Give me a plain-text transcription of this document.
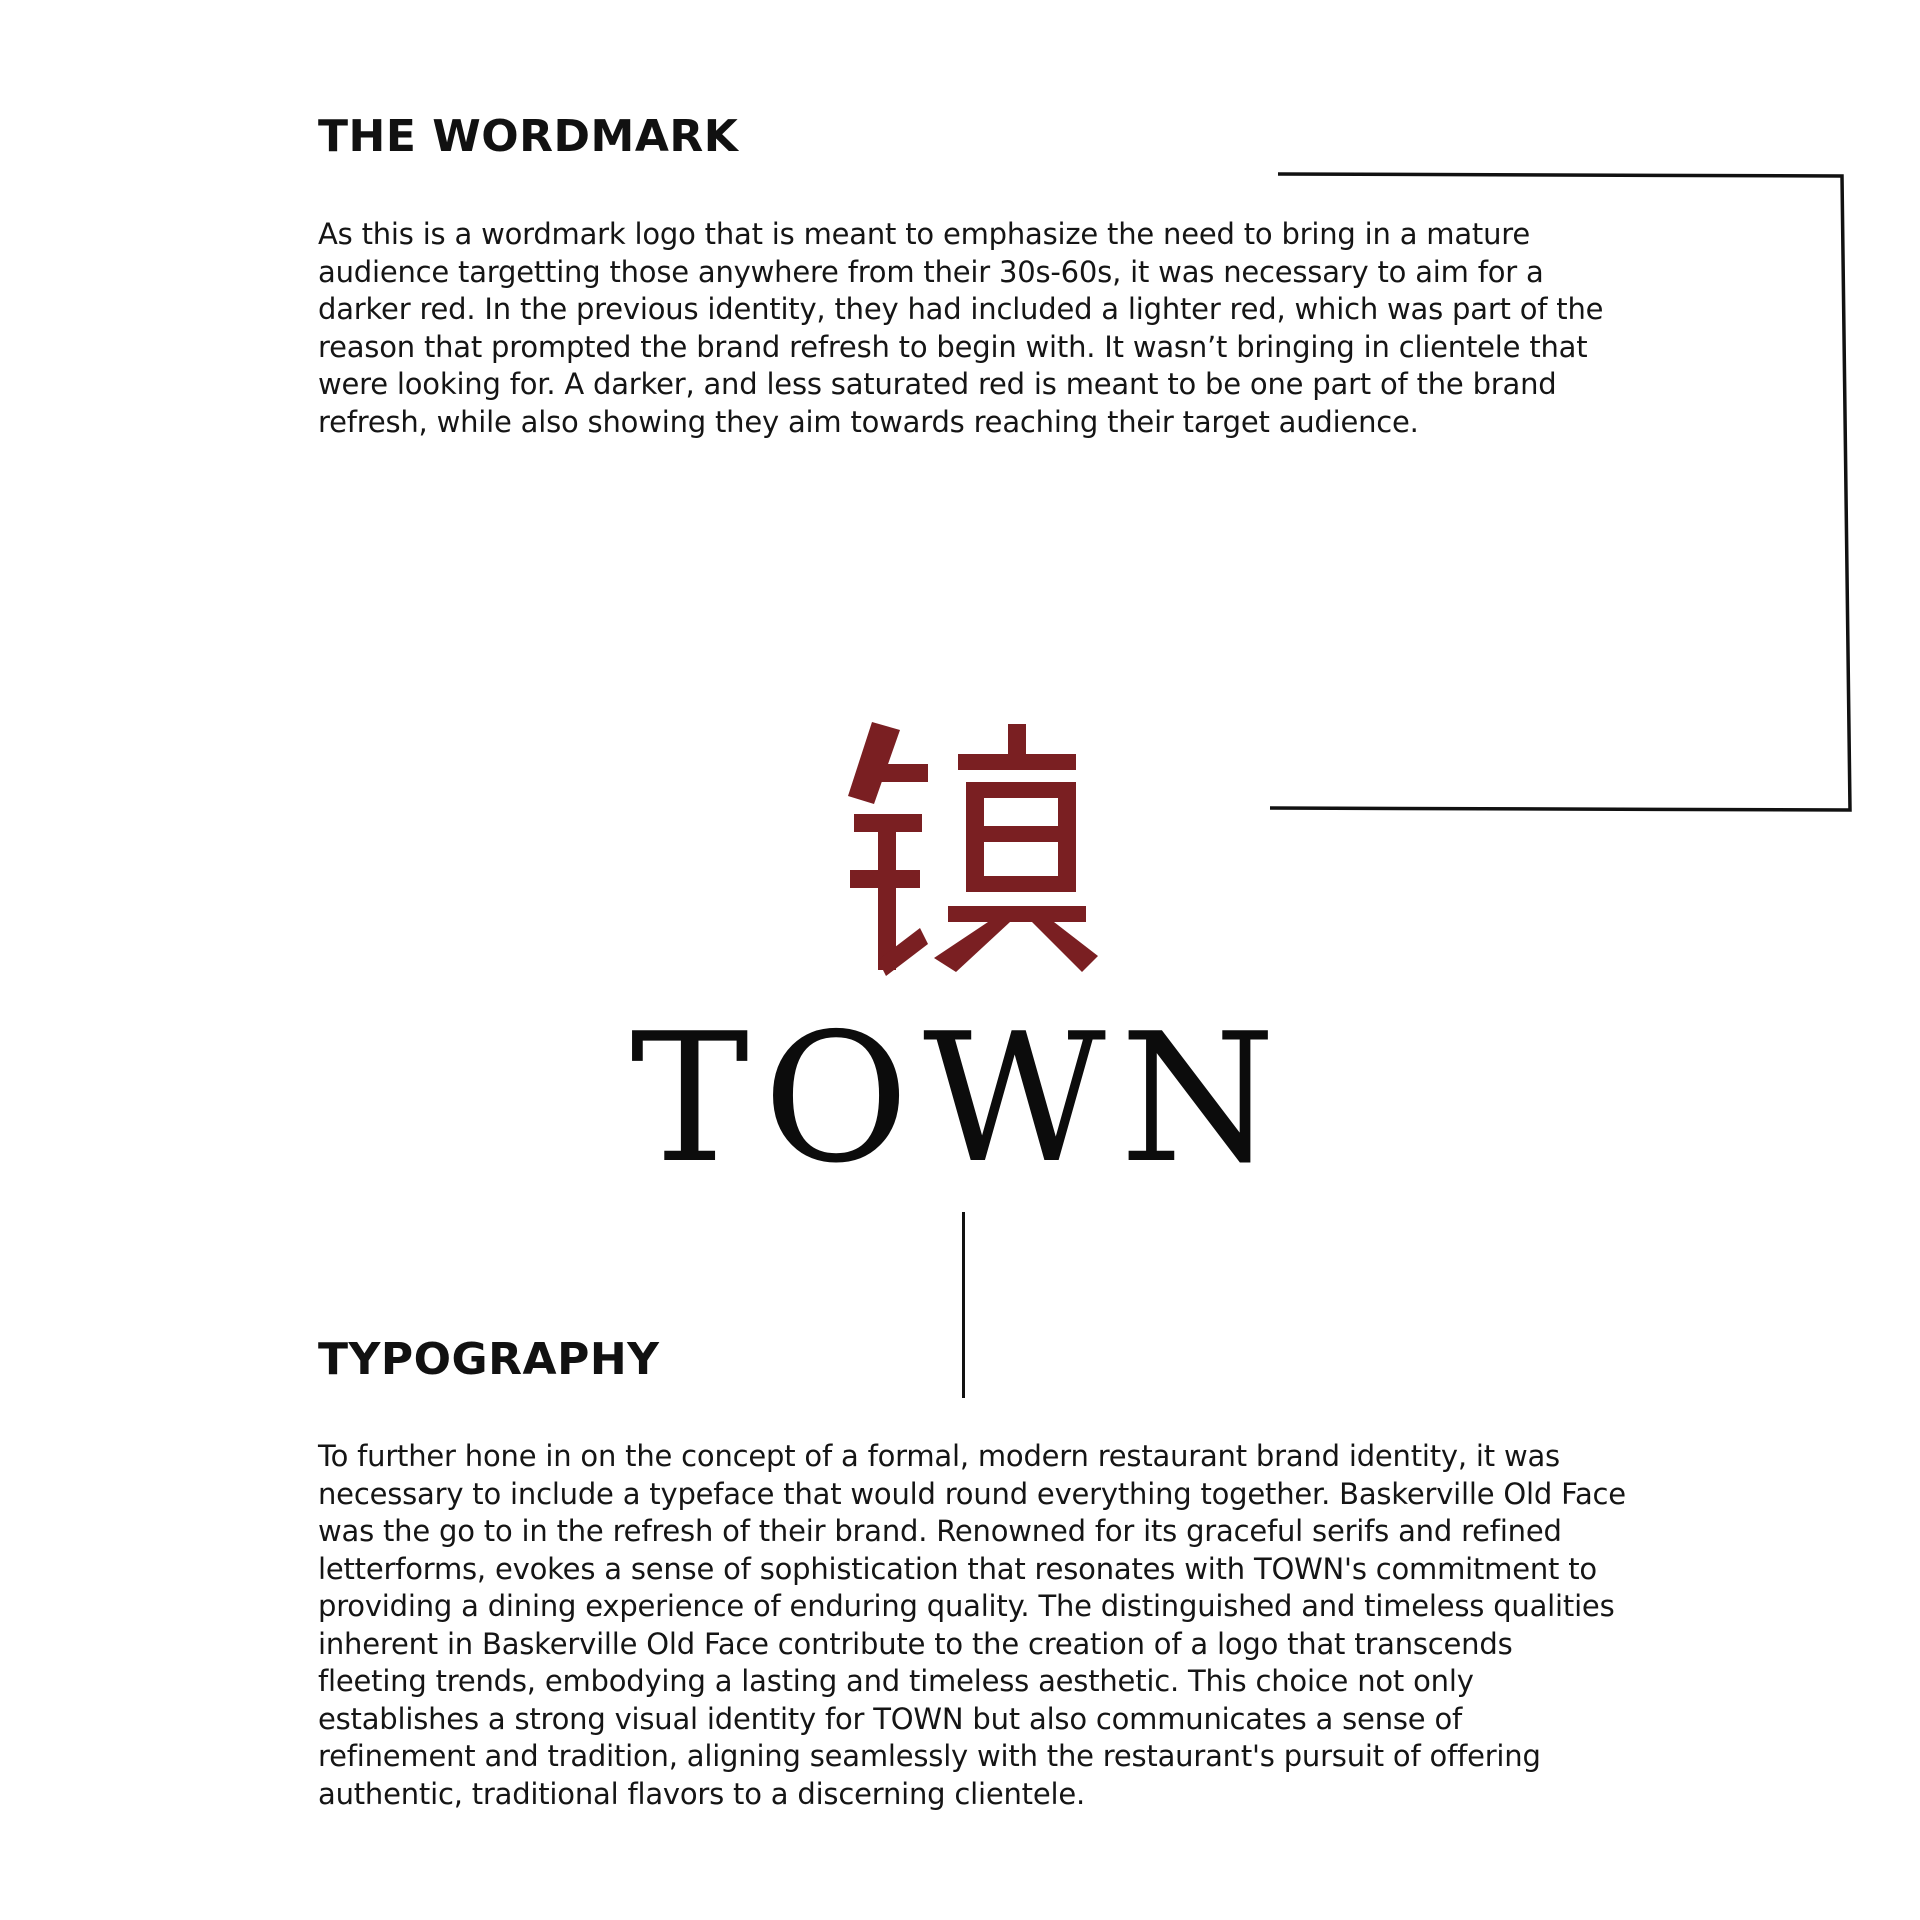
THE WORDMARK

As this is a wordmark logo that is meant to emphasize the need to bring in a mature audience targetting those anywhere from their 30s-60s, it was necessary to aim for a darker red. In the previous identity, they had included a lighter red, which was part of the reason that prompted the brand refresh to begin with. It wasn’t bringing in clientele that were looking for. A darker, and less saturated red is meant to be one part of the brand refresh, while also showing they aim towards reaching their target audience.

TOWN
TYPOGRAPHY

To further hone in on the concept of a formal, modern restaurant brand identity, it was necessary to include a typeface that would round everything together. Baskerville Old Face was the go to in the refresh of their brand. Renowned for its graceful serifs and refined letterforms, evokes a sense of sophistication that resonates with TOWN's commitment to providing a dining experience of enduring quality. The distinguished and timeless qualities inherent in Baskerville Old Face contribute to the creation of a logo that transcends fleeting trends, embodying a lasting and timeless aesthetic. This choice not only establishes a strong visual identity for TOWN but also communicates a sense of refinement and tradition, aligning seamlessly with the restaurant's pursuit of offering authentic, traditional flavors to a discerning clientele.
